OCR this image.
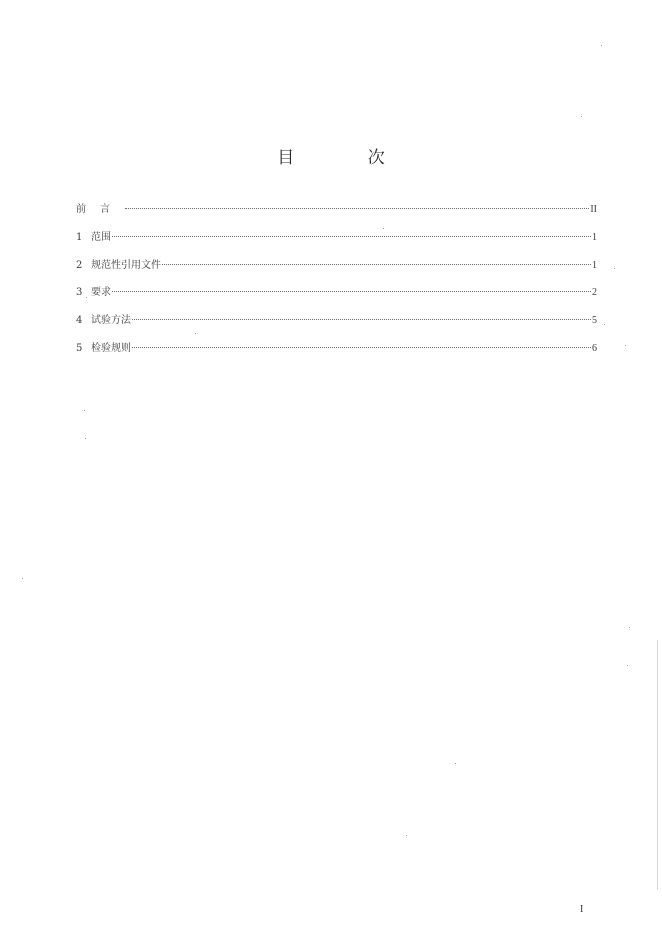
目 次
前言	II
1 范围	1
2 规范性引用文件	1
3 要求	2
4 试验方法	5
5 检验规则	6
I
